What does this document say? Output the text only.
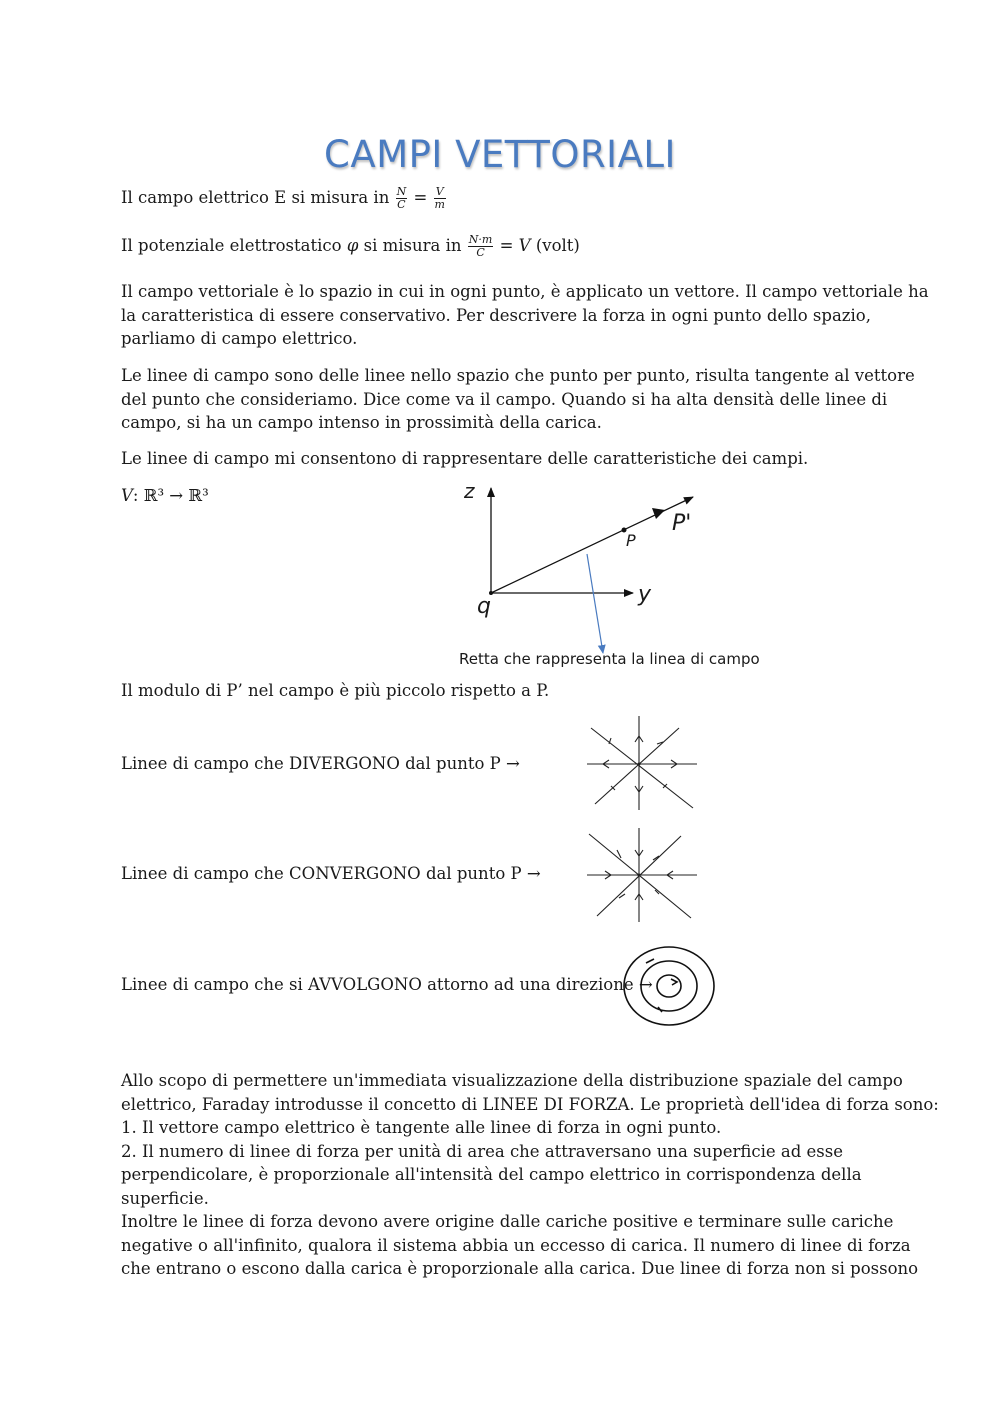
CAMPI VETTORIALI
Il campo elettrico E si misura in $\frac{N}{C} = \frac{V}{m}$
Il potenziale elettrostatico φ si misura in $\frac{N\cdot m}{C} = V$ (volt)

Il campo vettoriale è lo spazio in cui in ogni punto, è applicato un vettore. Il campo vettoriale ha

la caratteristica di essere conservativo. Per descrivere la forza in ogni punto dello spazio,

parliamo di campo elettrico.

Le linee di campo sono delle linee nello spazio che punto per punto, risulta tangente al vettore

del punto che consideriamo. Dice come va il campo. Quando si ha alta densità delle linee di

campo, si ha un campo intenso in prossimità della carica.

Le linee di campo mi consentono di rappresentare delle caratteristiche dei campi.

V: ℝ³ → ℝ³	z
y
q
P
P'
Retta che rappresenta la linea di campo
Il modulo di P’ nel campo è più piccolo rispetto a P.
Linee di campo che DIVERGONO dal punto P →
Linee di campo che CONVERGONO dal punto P →
Linee di campo che si AVVOLGONO attorno ad una direzione →

Allo scopo di permettere un'immediata visualizzazione della distribuzione spaziale del campo

elettrico, Faraday introdusse il concetto di LINEE DI FORZA. Le proprietà dell'idea di forza sono:

1. Il vettore campo elettrico è tangente alle linee di forza in ogni punto.

2. Il numero di linee di forza per unità di area che attraversano una superficie ad esse

perpendicolare, è proporzionale all'intensità del campo elettrico in corrispondenza della

superficie.

Inoltre le linee di forza devono avere origine dalle cariche positive e terminare sulle cariche

negative o all'infinito, qualora il sistema abbia un eccesso di carica. Il numero di linee di forza

che entrano o escono dalla carica è proporzionale alla carica. Due linee di forza non si possono
